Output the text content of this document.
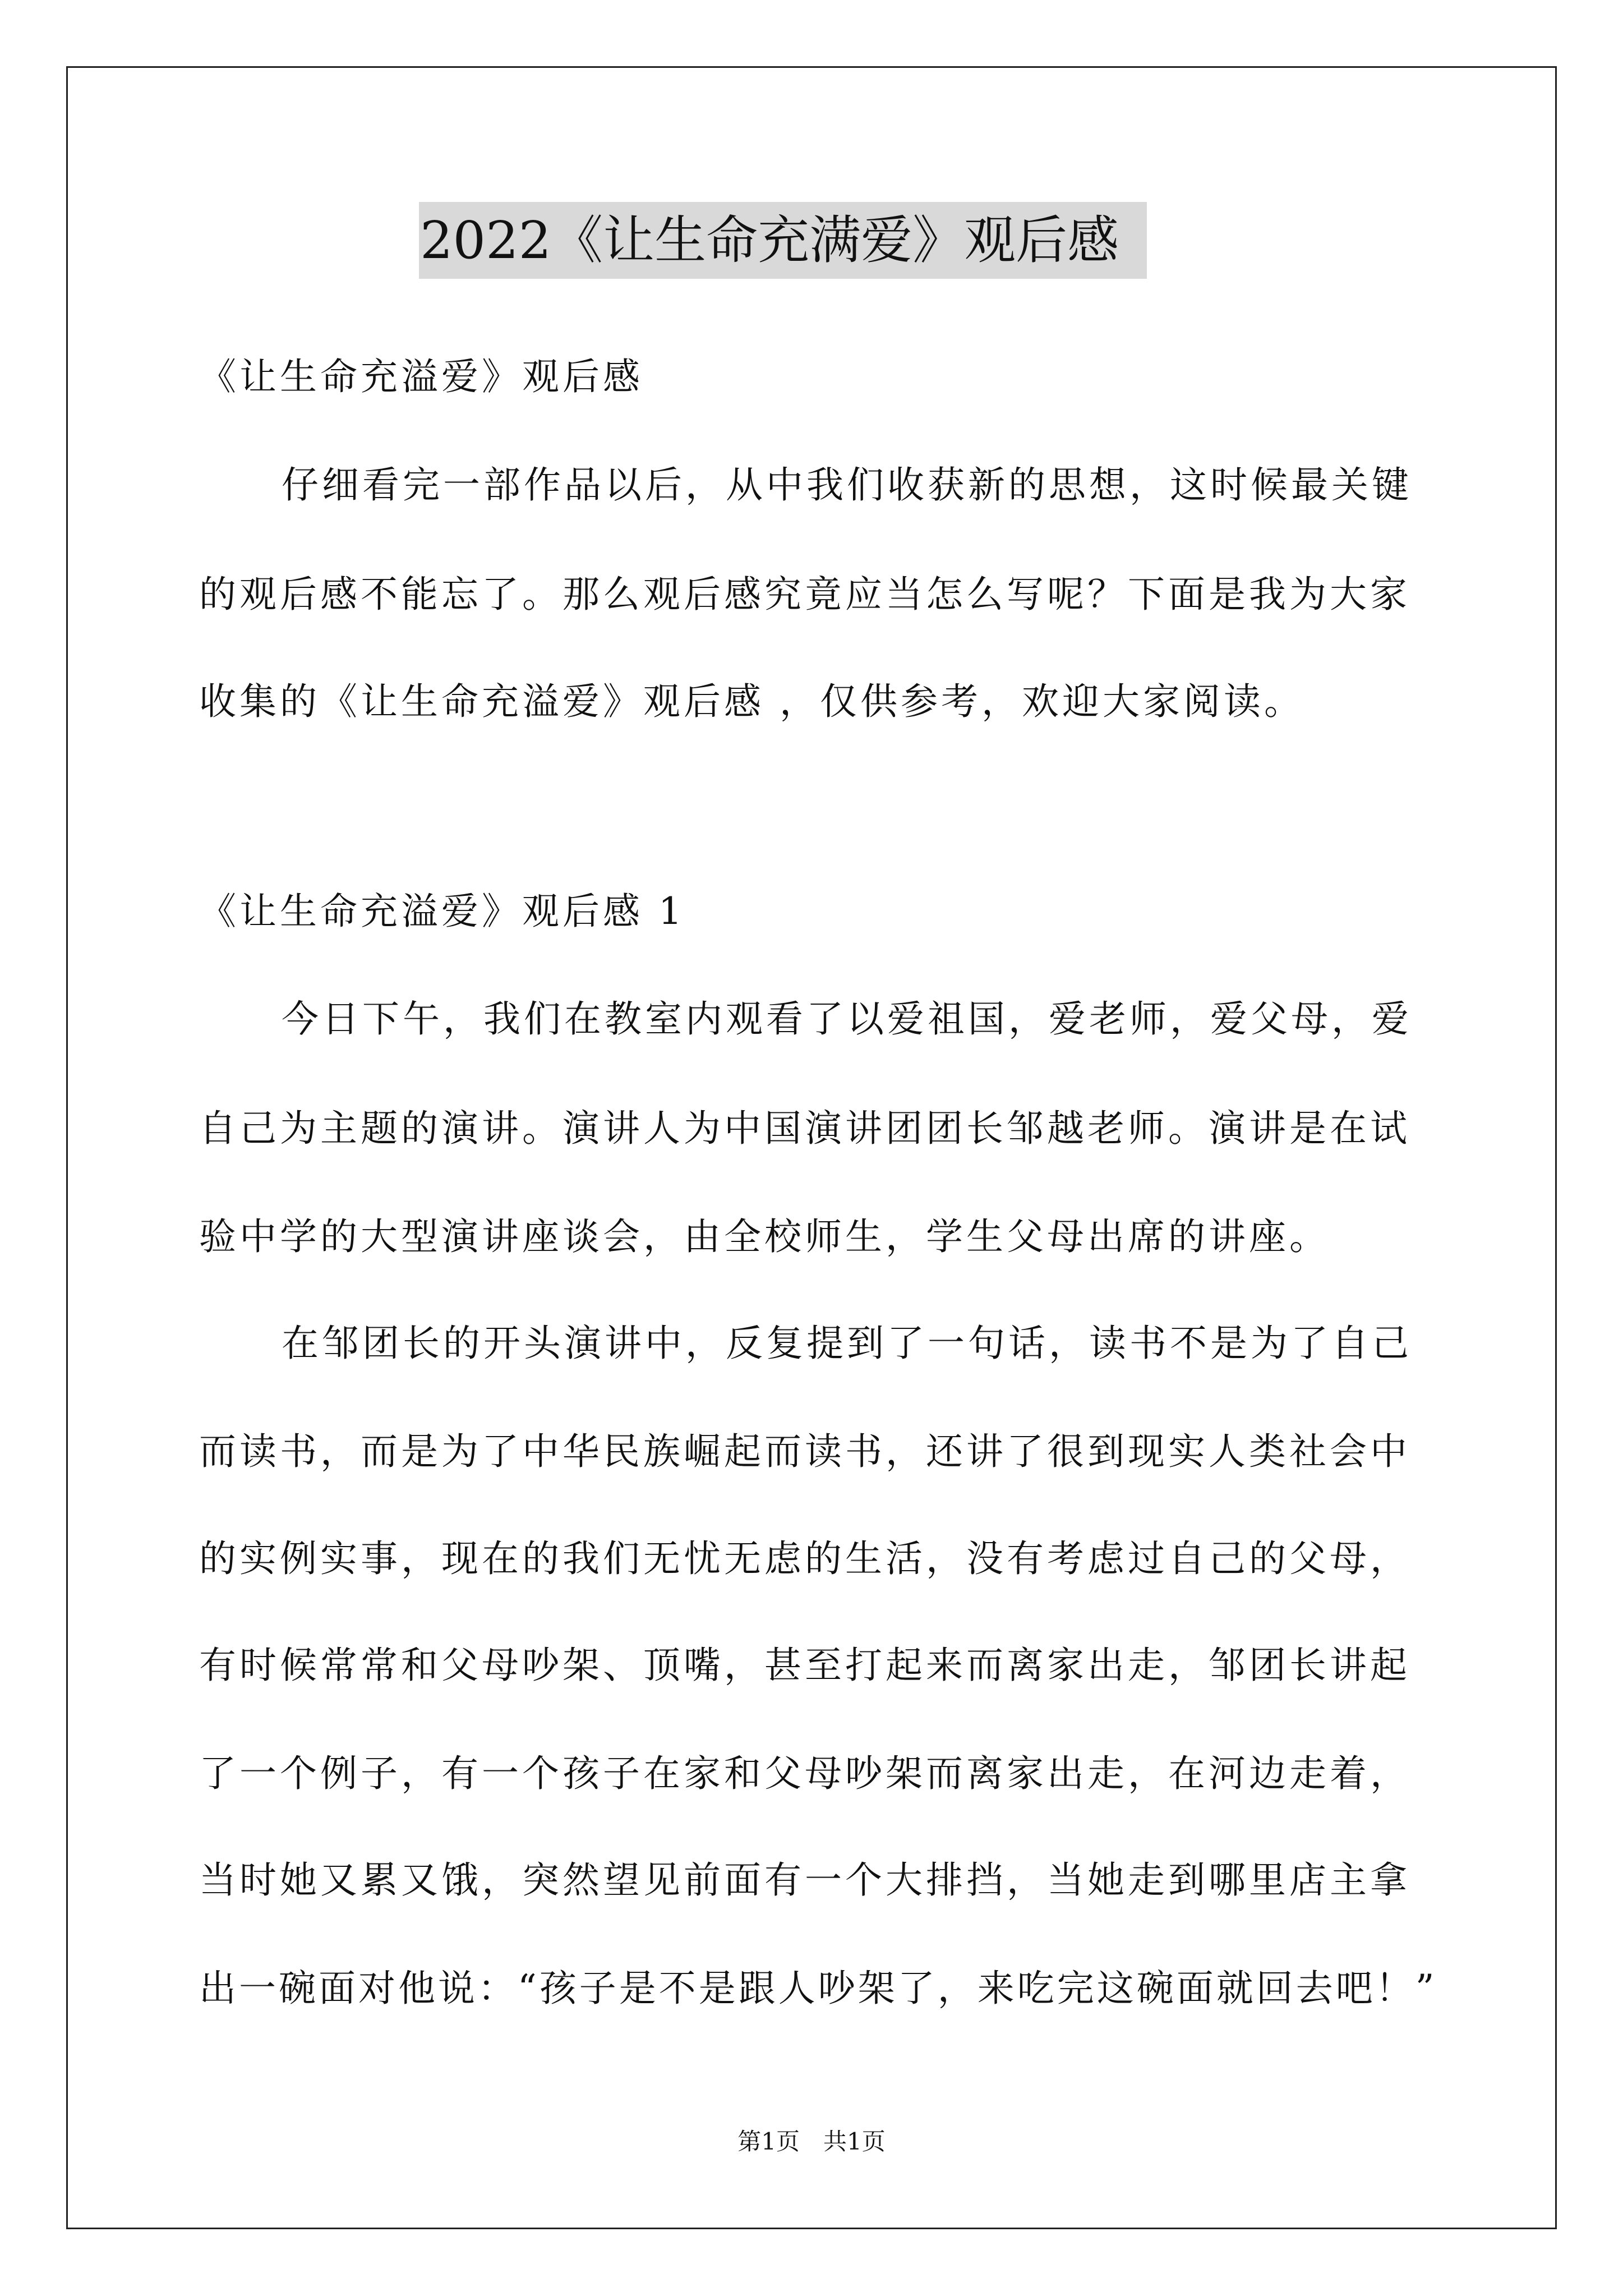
2022《让生命充满爱》观后感
《让生命充溢爱》观后感
仔细看完一部作品以后，从中我们收获新的思想，这时候最关键
的观后感不能忘了。那么观后感究竟应当怎么写呢？下面是我为大家
收集的《让生命充溢爱》观后感 ，仅供参考，欢迎大家阅读。
《让生命充溢爱》观后感 1
今日下午，我们在教室内观看了以爱祖国，爱老师，爱父母，爱
自己为主题的演讲。演讲人为中国演讲团团长邹越老师。演讲是在试
验中学的大型演讲座谈会，由全校师生，学生父母出席的讲座。
在邹团长的开头演讲中，反复提到了一句话，读书不是为了自己
而读书，而是为了中华民族崛起而读书，还讲了很到现实人类社会中
的实例实事，现在的我们无忧无虑的生活，没有考虑过自己的父母，
有时候常常和父母吵架、顶嘴，甚至打起来而离家出走，邹团长讲起
了一个例子，有一个孩子在家和父母吵架而离家出走，在河边走着，
当时她又累又饿，突然望见前面有一个大排挡，当她走到哪里店主拿
出一碗面对他说：“孩子是不是跟人吵架了，来吃完这碗面就回去吧！”
第1页　共1页
